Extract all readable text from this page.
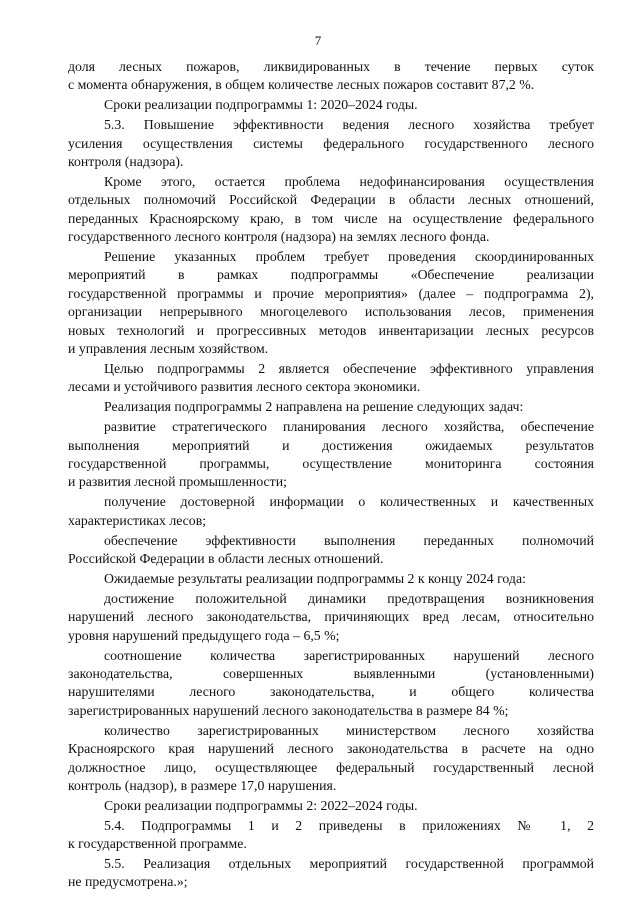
7
доля лесных пожаров, ликвидированных в течение первых суток
с момента обнаружения, в общем количестве лесных пожаров составит 87,2 %.
Сроки реализации подпрограммы 1: 2020–2024 годы.
5.3. Повышение эффективности ведения лесного хозяйства требует
усиления осуществления системы федерального государственного лесного
контроля (надзора).
Кроме этого, остается проблема недофинансирования осуществления
отдельных полномочий Российской Федерации в области лесных отношений,
переданных Красноярскому краю, в том числе на осуществление федерального
государственного лесного контроля (надзора) на землях лесного фонда.
Решение указанных проблем требует проведения скоординированных
мероприятий в рамках подпрограммы «Обеспечение реализации
государственной программы и прочие мероприятия» (далее – подпрограмма 2),
организации непрерывного многоцелевого использования лесов, применения
новых технологий и прогрессивных методов инвентаризации лесных ресурсов
и управления лесным хозяйством.
Целью подпрограммы 2 является обеспечение эффективного управления
лесами и устойчивого развития лесного сектора экономики.
Реализация подпрограммы 2 направлена на решение следующих задач:
развитие стратегического планирования лесного хозяйства, обеспечение
выполнения мероприятий и достижения ожидаемых результатов
государственной программы, осуществление мониторинга состояния
и развития лесной промышленности;
получение достоверной информации о количественных и качественных
характеристиках лесов;
обеспечение эффективности выполнения переданных полномочий
Российской Федерации в области лесных отношений.
Ожидаемые результаты реализации подпрограммы 2 к концу 2024 года:
достижение положительной динамики предотвращения возникновения
нарушений лесного законодательства, причиняющих вред лесам, относительно
уровня нарушений предыдущего года – 6,5 %;
соотношение количества зарегистрированных нарушений лесного
законодательства, совершенных выявленными (установленными)
нарушителями лесного законодательства, и общего количества
зарегистрированных нарушений лесного законодательства в размере 84 %;
количество зарегистрированных министерством лесного хозяйства
Красноярского края нарушений лесного законодательства в расчете на одно
должностное лицо, осуществляющее федеральный государственный лесной
контроль (надзор), в размере 17,0 нарушения.
Сроки реализации подпрограммы 2: 2022–2024 годы.
5.4. Подпрограммы 1 и 2 приведены в приложениях № 1, 2
к государственной программе.
5.5. Реализация отдельных мероприятий государственной программой
не предусмотрена.»;
